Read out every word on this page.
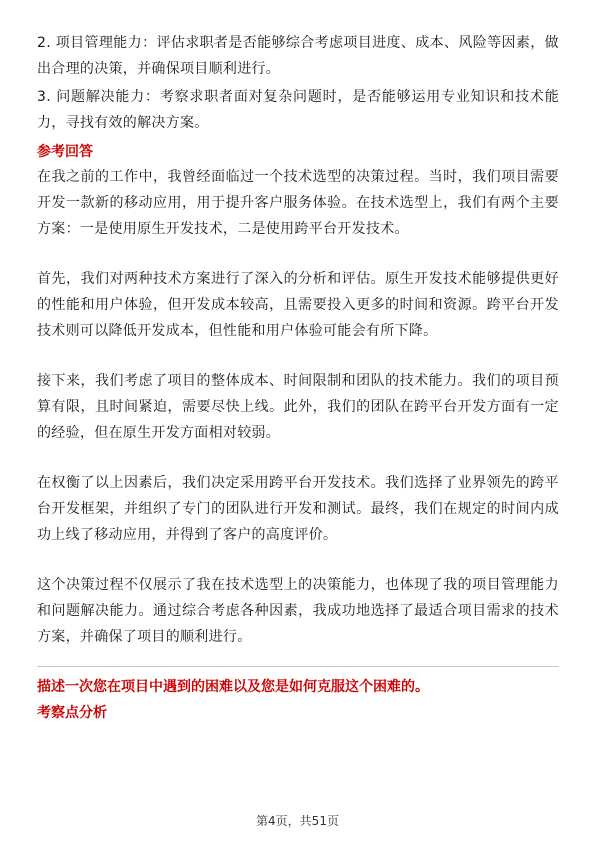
2. 项目管理能力：评估求职者是否能够综合考虑项目进度、成本、风险等因素，做出合理的决策，并确保项目顺利进行。

3. 问题解决能力：考察求职者面对复杂问题时，是否能够运用专业知识和技术能力，寻找有效的解决方案。

参考回答

在我之前的工作中，我曾经面临过一个技术选型的决策过程。当时，我们项目需要开发一款新的移动应用，用于提升客户服务体验。在技术选型上，我们有两个主要方案：一是使用原生开发技术，二是使用跨平台开发技术。

首先，我们对两种技术方案进行了深入的分析和评估。原生开发技术能够提供更好的性能和用户体验，但开发成本较高，且需要投入更多的时间和资源。跨平台开发技术则可以降低开发成本，但性能和用户体验可能会有所下降。

接下来，我们考虑了项目的整体成本、时间限制和团队的技术能力。我们的项目预算有限，且时间紧迫，需要尽快上线。此外，我们的团队在跨平台开发方面有一定的经验，但在原生开发方面相对较弱。

在权衡了以上因素后，我们决定采用跨平台开发技术。我们选择了业界领先的跨平台开发框架，并组织了专门的团队进行开发和测试。最终，我们在规定的时间内成功上线了移动应用，并得到了客户的高度评价。

这个决策过程不仅展示了我在技术选型上的决策能力，也体现了我的项目管理能力和问题解决能力。通过综合考虑各种因素，我成功地选择了最适合项目需求的技术方案，并确保了项目的顺利进行。

描述一次您在项目中遇到的困难以及您是如何克服这个困难的。
考察点分析
第4页，共51页
